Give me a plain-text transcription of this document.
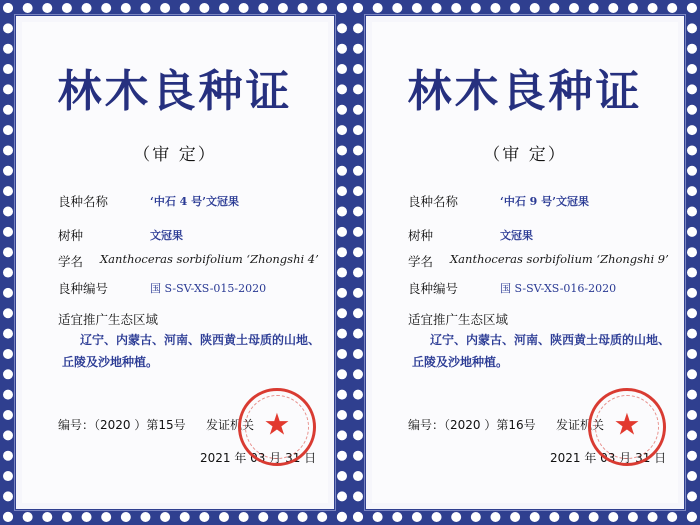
林木良种证
（审 定）
良种名称	‘中石 4 号’文冠果
树种	文冠果
学名 Xanthoceras sorbifolium ‘Zhongshi 4’
良种编号	国 S-SV-XS-015-2020
适宜推广生态区域
辽宁、内蒙古、河南、陕西黄土母质的山地、
丘陵及沙地种植。
编号：（2020 ）第15号 发证机关
2021 年 03 月 31 日
★
林木良种证
（审 定）
良种名称	‘中石 9 号’文冠果
树种	文冠果
学名 Xanthoceras sorbifolium ‘Zhongshi 9’
良种编号	国 S-SV-XS-016-2020
适宜推广生态区域
辽宁、内蒙古、河南、陕西黄土母质的山地、
丘陵及沙地种植。
编号：（2020 ）第16号 发证机关
2021 年 03 月 31 日
★
